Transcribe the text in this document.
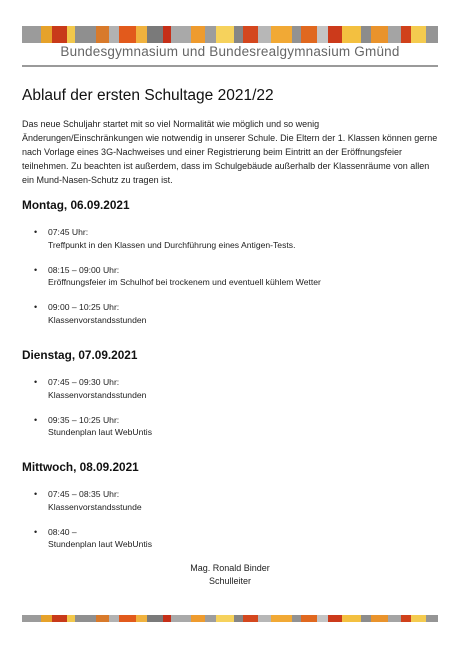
Bundesgymnasium und Bundesrealgymnasium Gmünd
Ablauf der ersten Schultage 2021/22

Das neue Schuljahr startet mit so viel Normalität wie möglich und so wenig Änderungen/Einschränkungen wie notwendig in unserer Schule. Die Eltern der 1. Klassen können gerne nach Vorlage eines 3G-Nachweises und einer Registrierung beim Eintritt an der Eröffnungsfeier teilnehmen. Zu beachten ist außerdem, dass im Schulgebäude außerhalb der Klassenräume von allen ein Mund-Nasen-Schutz zu tragen ist.

Montag, 06.09.2021
• 07:45 Uhr:
Treffpunkt in den Klassen und Durchführung eines Antigen-Tests.
• 08:15 – 09:00 Uhr:
Eröffnungsfeier im Schulhof bei trockenem und eventuell kühlem Wetter
• 09:00 – 10:25 Uhr:
Klassenvorstandsstunden
Dienstag, 07.09.2021
• 07:45 – 09:30 Uhr:
Klassenvorstandsstunden
• 09:35 – 10:25 Uhr:
Stundenplan laut WebUntis
Mittwoch, 08.09.2021
• 07:45 – 08:35 Uhr:
Klassenvorstandsstunde
• 08:40 –
Stundenplan laut WebUntis
Mag. Ronald Binder
Schulleiter
